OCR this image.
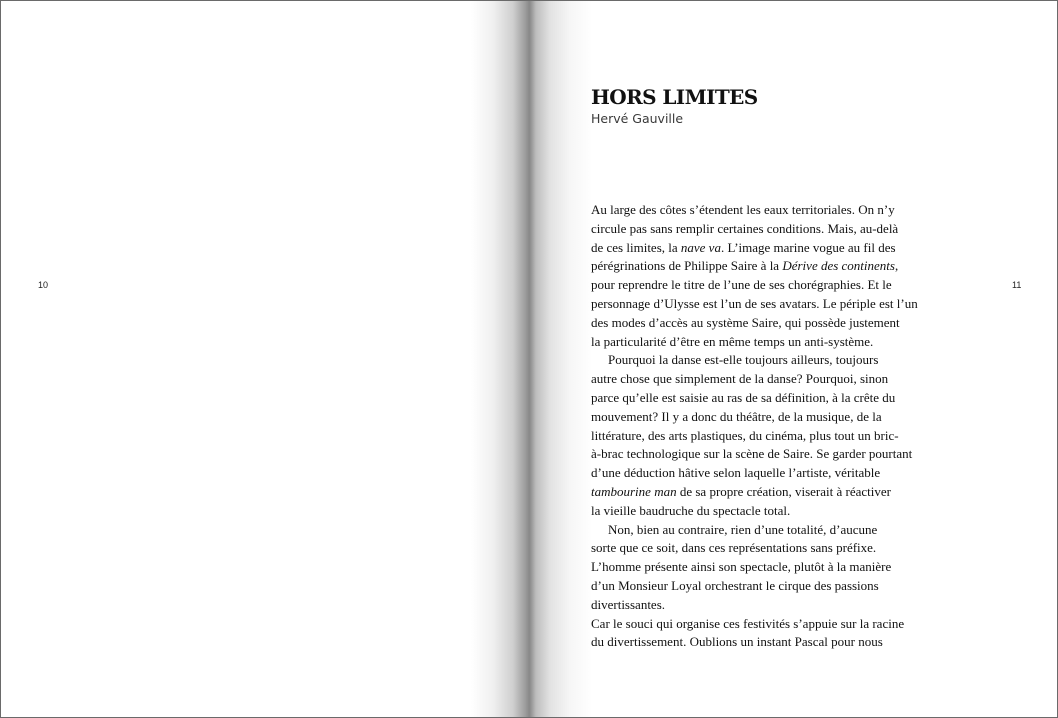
10
HORS LIMITES

Hervé Gauville

Au large des côtes s’étendent les eaux territoriales. On n’y
circule pas sans remplir certaines conditions. Mais, au-delà
de ces limites, la nave va. L’image marine vogue au fil des
pérégrinations de Philippe Saire à la Dérive des continents,
pour reprendre le titre de l’une de ses chorégraphies. Et le
personnage d’Ulysse est l’un de ses avatars. Le périple est l’un
des modes d’accès au système Saire, qui possède justement
la particularité d’être en même temps un anti-système.
Pourquoi la danse est-elle toujours ailleurs, toujours
autre chose que simplement de la danse? Pourquoi, sinon
parce qu’elle est saisie au ras de sa définition, à la crête du
mouvement? Il y a donc du théâtre, de la musique, de la
littérature, des arts plastiques, du cinéma, plus tout un bric-
à-brac technologique sur la scène de Saire. Se garder pourtant
d’une déduction hâtive selon laquelle l’artiste, véritable
tambourine man de sa propre création, viserait à réactiver
la vieille baudruche du spectacle total.
Non, bien au contraire, rien d’une totalité, d’aucune
sorte que ce soit, dans ces représentations sans préfixe.
L’homme présente ainsi son spectacle, plutôt à la manière
d’un Monsieur Loyal orchestrant le cirque des passions
divertissantes.
Car le souci qui organise ces festivités s’appuie sur la racine
du divertissement. Oublions un instant Pascal pour nous
11
